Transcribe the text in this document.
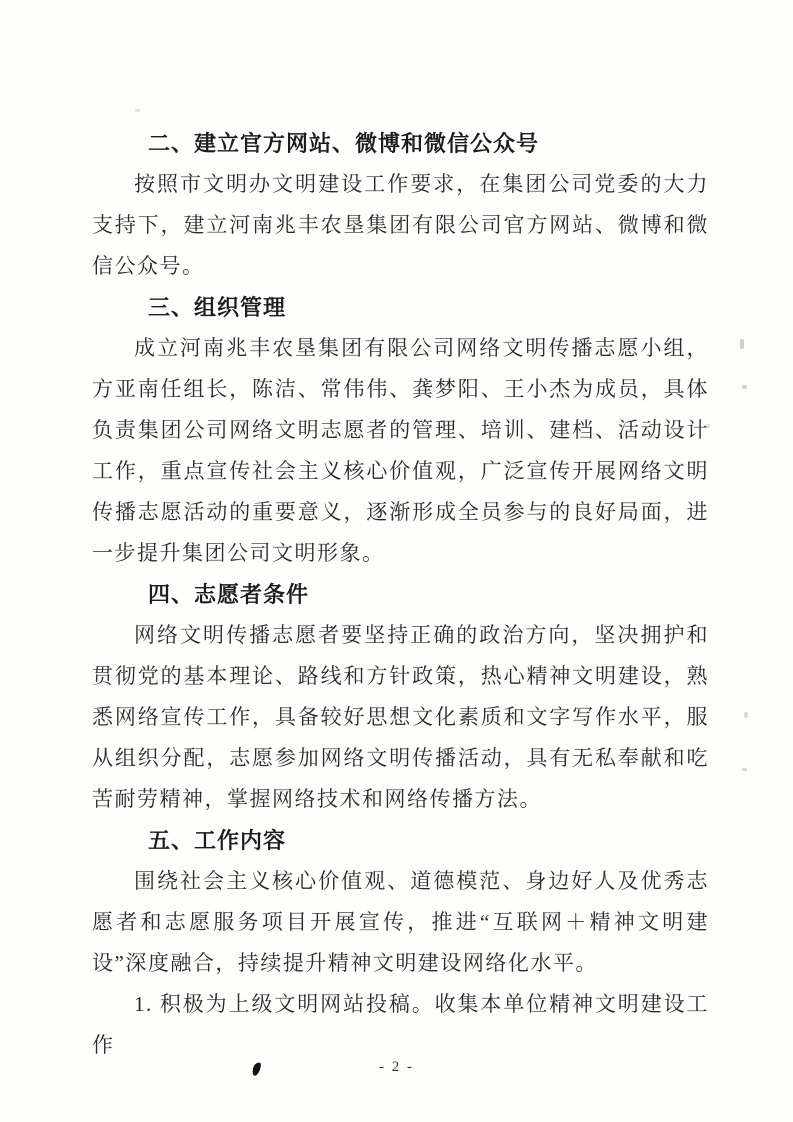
二、建立官方网站、微博和微信公众号

按照市文明办文明建设工作要求，在集团公司党委的大力支持下，建立河南兆丰农垦集团有限公司官方网站、微博和微信公众号。

三、组织管理

成立河南兆丰农垦集团有限公司网络文明传播志愿小组，方亚南任组长，陈洁、常伟伟、龚梦阳、王小杰为成员，具体负责集团公司网络文明志愿者的管理、培训、建档、活动设计工作，重点宣传社会主义核心价值观，广泛宣传开展网络文明传播志愿活动的重要意义，逐渐形成全员参与的良好局面，进一步提升集团公司文明形象。

四、志愿者条件

网络文明传播志愿者要坚持正确的政治方向，坚决拥护和贯彻党的基本理论、路线和方针政策，热心精神文明建设，熟悉网络宣传工作，具备较好思想文化素质和文字写作水平，服从组织分配，志愿参加网络文明传播活动，具有无私奉献和吃苦耐劳精神，掌握网络技术和网络传播方法。

五、工作内容

围绕社会主义核心价值观、道德模范、身边好人及优秀志愿者和志愿服务项目开展宣传，推进“互联网＋精神文明建设”深度融合，持续提升精神文明建设网络化水平。

1. 积极为上级文明网站投稿。收集本单位精神文明建设工作

- 2 -
